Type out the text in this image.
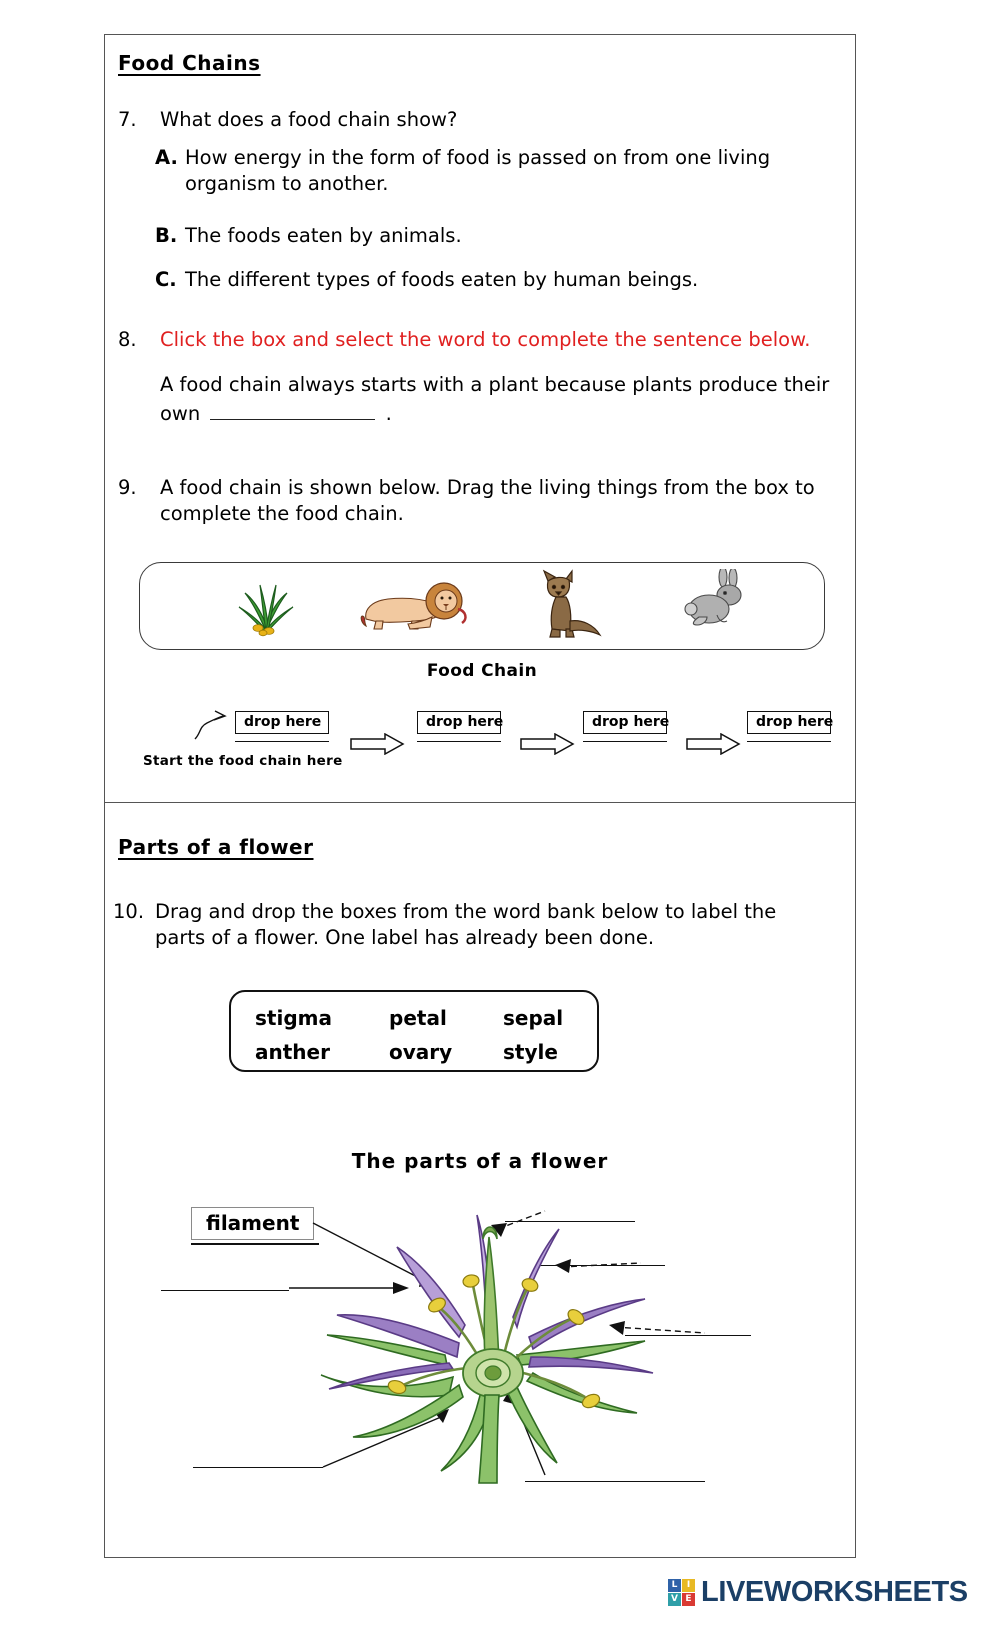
Food Chains
7.	What does a food chain show?
A. How energy in the form of food is passed on from one living organism to another.
B. The foods eaten by animals.
C. The different types of foods eaten by human beings.
8.	Click the box and select the word to complete the sentence below.
A food chain always starts with a plant because plants produce their own	.
9.	A food chain is shown below. Drag the living things from the box to complete the food chain.
Food Chain
drop here	drop here	drop here	drop here
Start the food chain here
Parts of a flower
10. Drag and drop the boxes from the word bank below to label the parts of a flower. One label has already been done.
stigma	petal	sepal
anther	ovary	style
The parts of a flower
filament
L	I
V E LIVEWORKSHEETS
